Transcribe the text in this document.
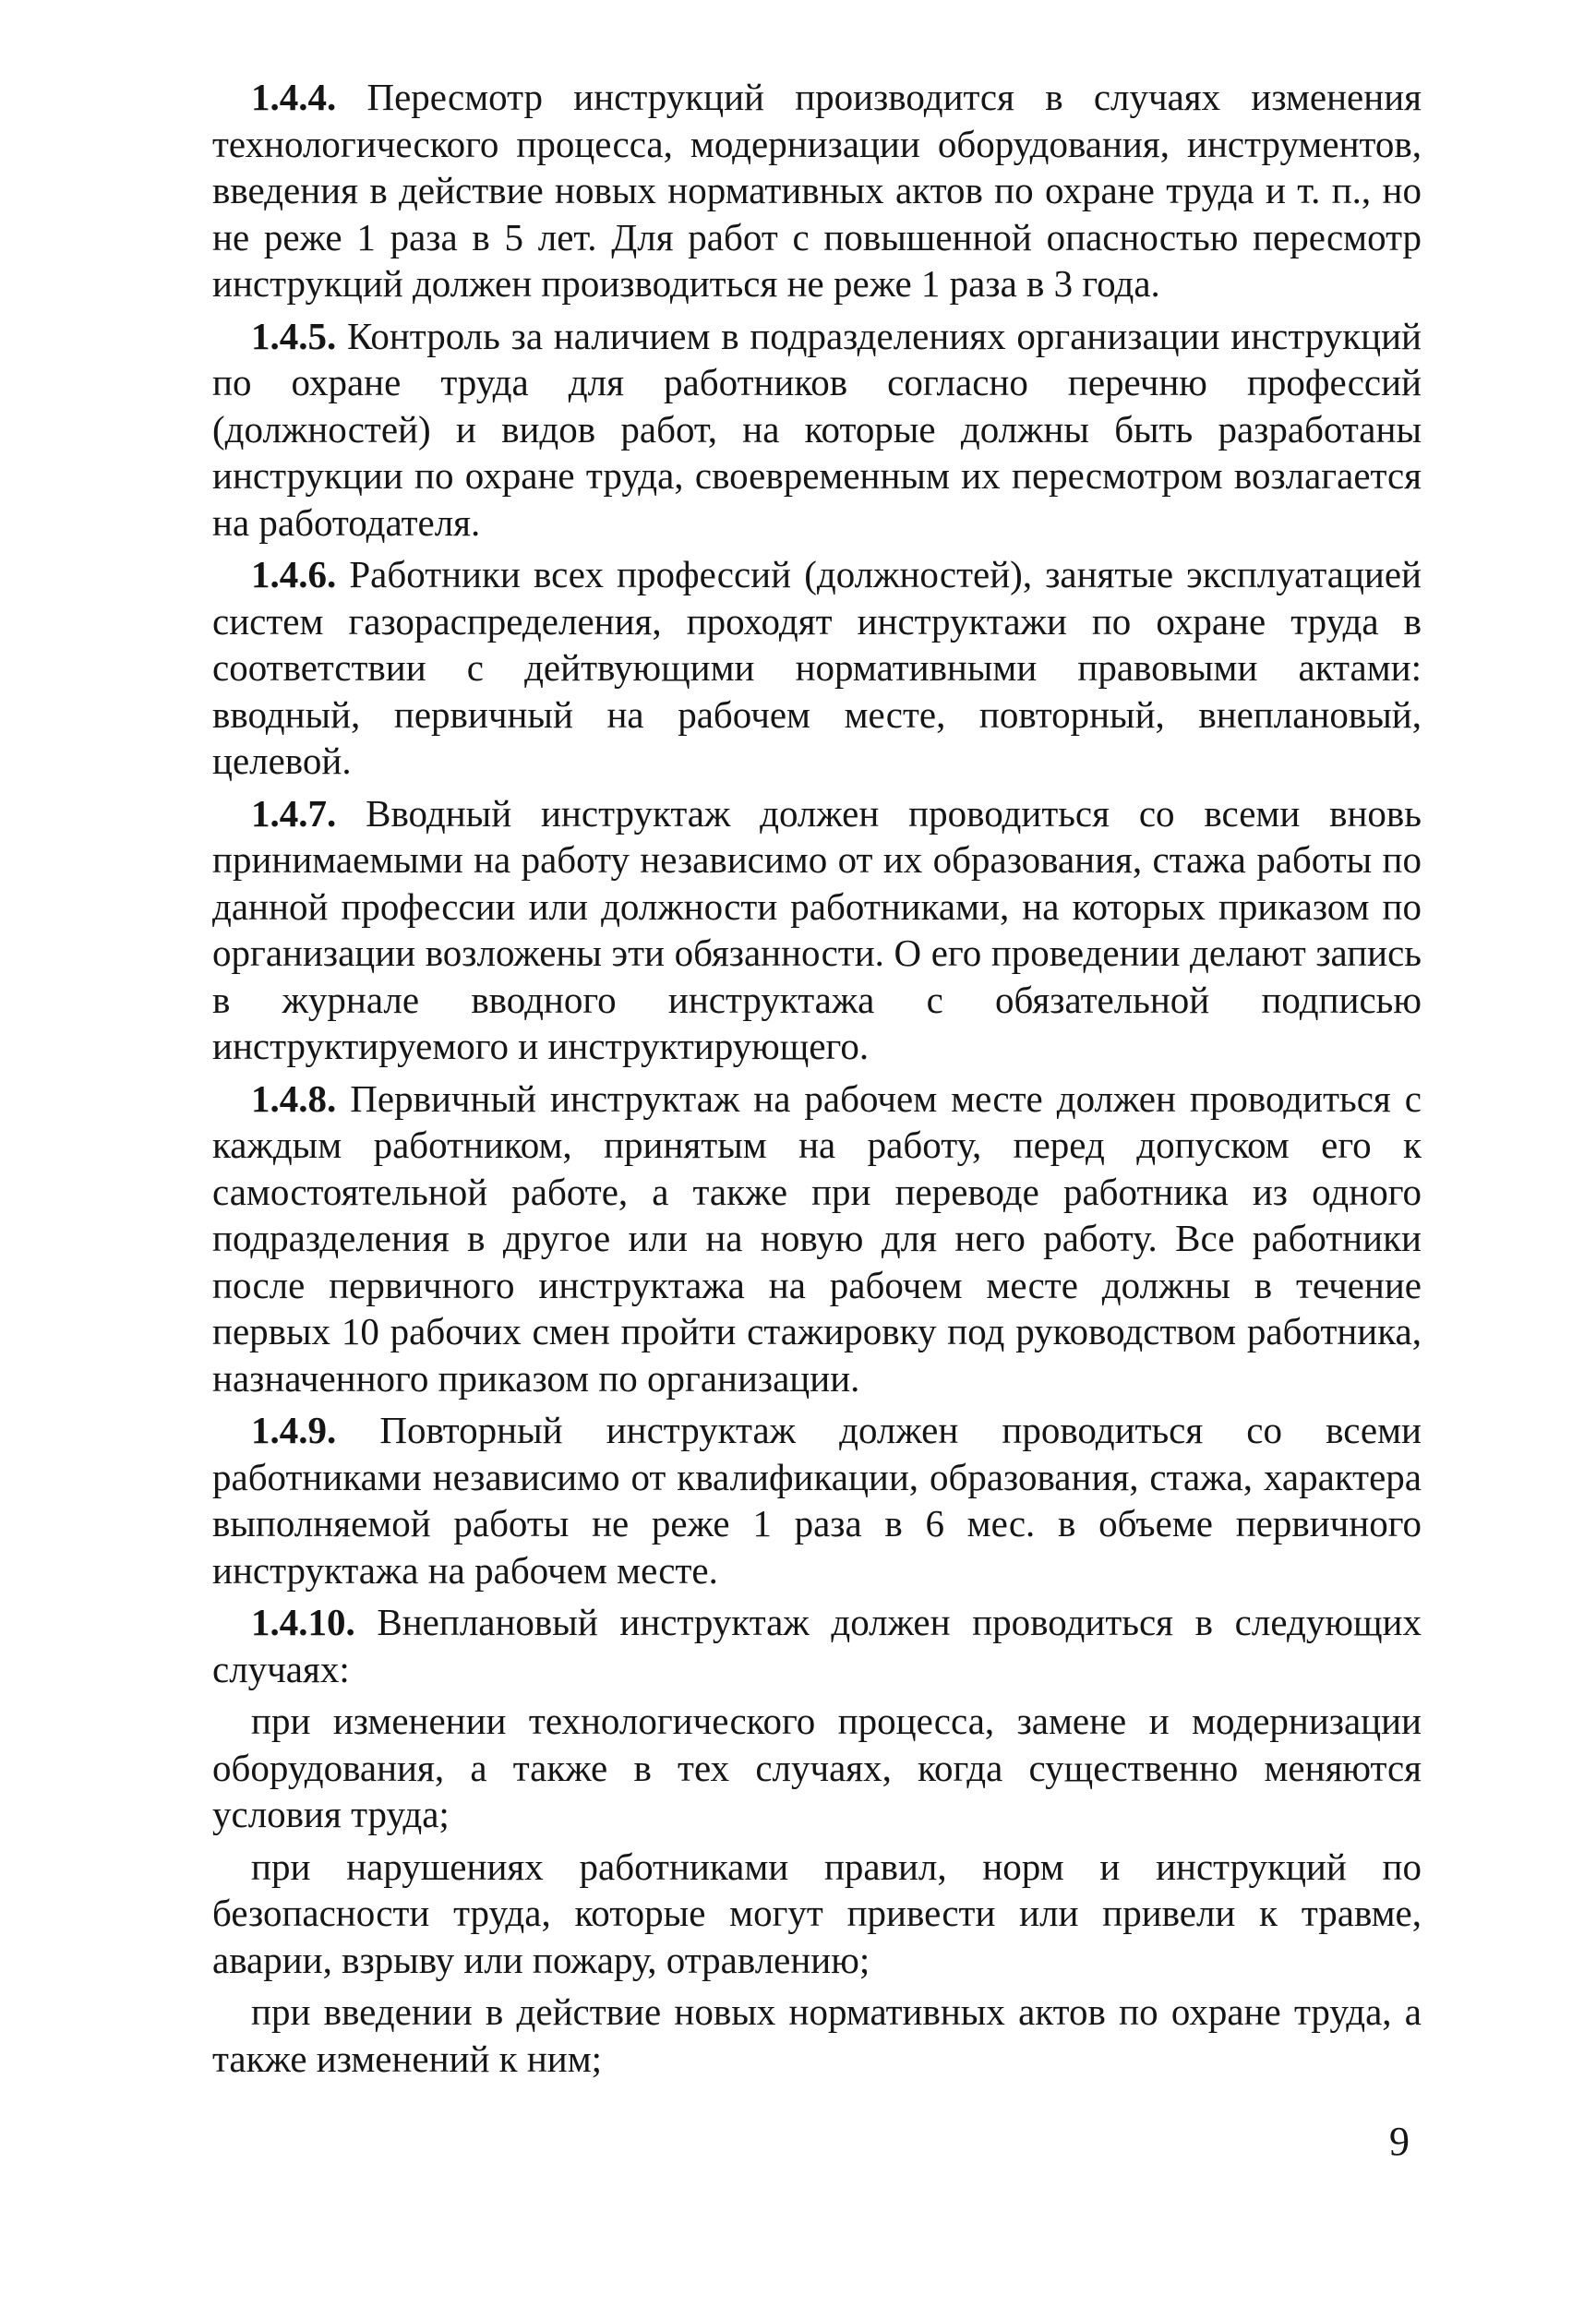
1.4.4. Пересмотр инструкций производится в случаях изменения технологического процесса, модернизации оборудования, инструментов, введения в действие новых нормативных актов по охране труда и т. п., но не реже 1 раза в 5 лет. Для работ с повышенной опасностью пересмотр инструкций должен производиться не реже 1 раза в 3 года.

1.4.5. Контроль за наличием в подразделениях организации инструкций по охране труда для работников согласно перечню профессий (должностей) и видов работ, на которые должны быть разработаны инструкции по охране труда, своевременным их пересмотром возлагается на работодателя.

1.4.6. Работники всех профессий (должностей), занятые эксплуатацией систем газораспределения, проходят инструктажи по охране труда в соответствии с дейтвующими нормативными правовыми актами: вводный, первичный на рабочем месте, повторный, внеплановый, целевой.

1.4.7. Вводный инструктаж должен проводиться со всеми вновь принимаемыми на работу независимо от их образования, стажа работы по данной профессии или должности работниками, на которых приказом по организации возложены эти обязанности. О его проведении делают запись в журнале вводного инструктажа с обязательной подписью инструктируемого и инструктирующего.

1.4.8. Первичный инструктаж на рабочем месте должен проводиться с каждым работником, принятым на работу, перед допуском его к самостоятельной работе, а также при переводе работника из одного подразделения в другое или на новую для него работу. Все работники после первичного инструктажа на рабочем месте должны в течение первых 10 рабочих смен пройти стажировку под руководством работника, назначенного приказом по организации.

1.4.9. Повторный инструктаж должен проводиться со всеми работниками независимо от квалификации, образования, стажа, характера выполняемой работы не реже 1 раза в 6 мес. в объеме первичного инструктажа на рабочем месте.

1.4.10. Внеплановый инструктаж должен проводиться в следующих случаях:

при изменении технологического процесса, замене и модернизации оборудования, а также в тех случаях, когда существенно меняются условия труда;

при нарушениях работниками правил, норм и инструкций по безопасности труда, которые могут привести или привели к травме, аварии, взрыву или пожару, отравлению;

при введении в действие новых нормативных актов по охране труда, а также изменений к ним;

9
